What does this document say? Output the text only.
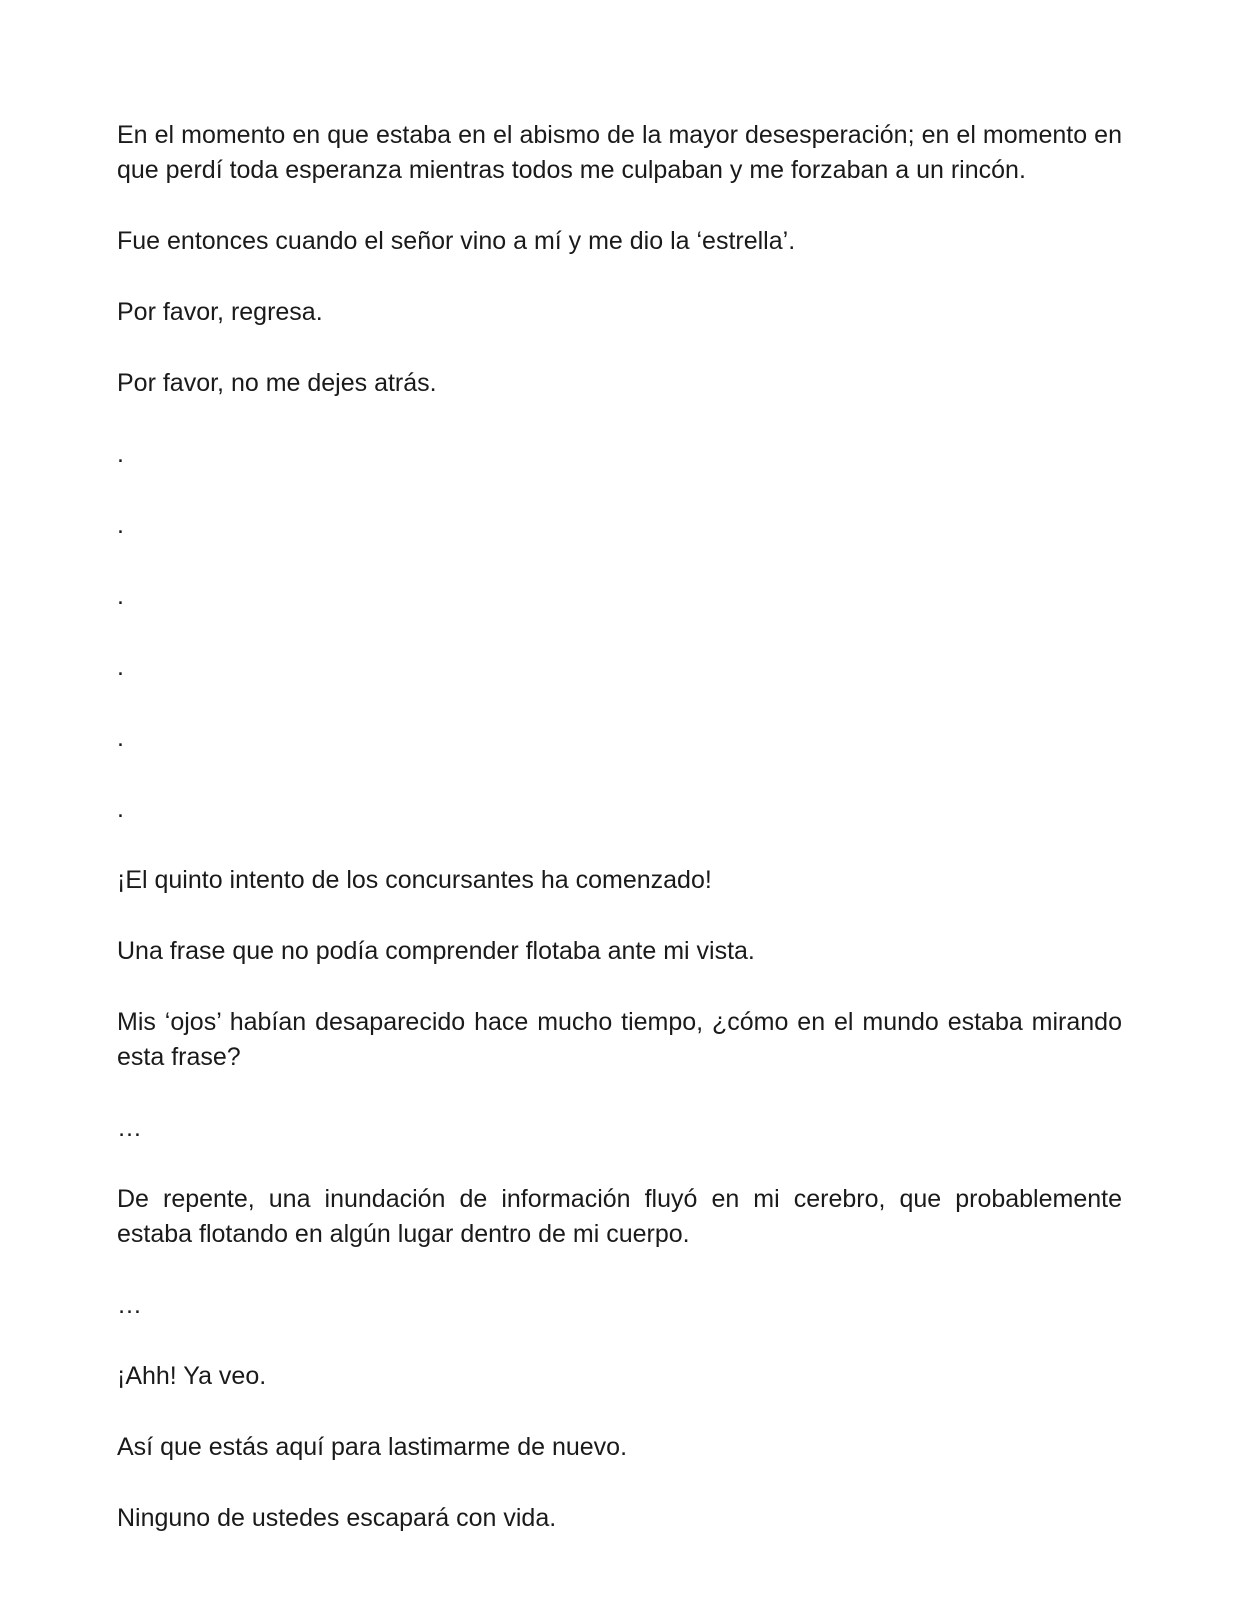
En el momento en que estaba en el abismo de la mayor desesperación; en el momento en que perdí toda esperanza mientras todos me culpaban y me forzaban a un rincón.

Fue entonces cuando el señor vino a mí y me dio la ‘estrella’.

Por favor, regresa.

Por favor, no me dejes atrás.

.

.

.

.

.

.

¡El quinto intento de los concursantes ha comenzado!

Una frase que no podía comprender flotaba ante mi vista.

Mis ‘ojos’ habían desaparecido hace mucho tiempo, ¿cómo en el mundo estaba mirando esta frase?

…

De repente, una inundación de información fluyó en mi cerebro, que probablemente estaba flotando en algún lugar dentro de mi cuerpo.

…

¡Ahh! Ya veo.

Así que estás aquí para lastimarme de nuevo.

Ninguno de ustedes escapará con vida.
